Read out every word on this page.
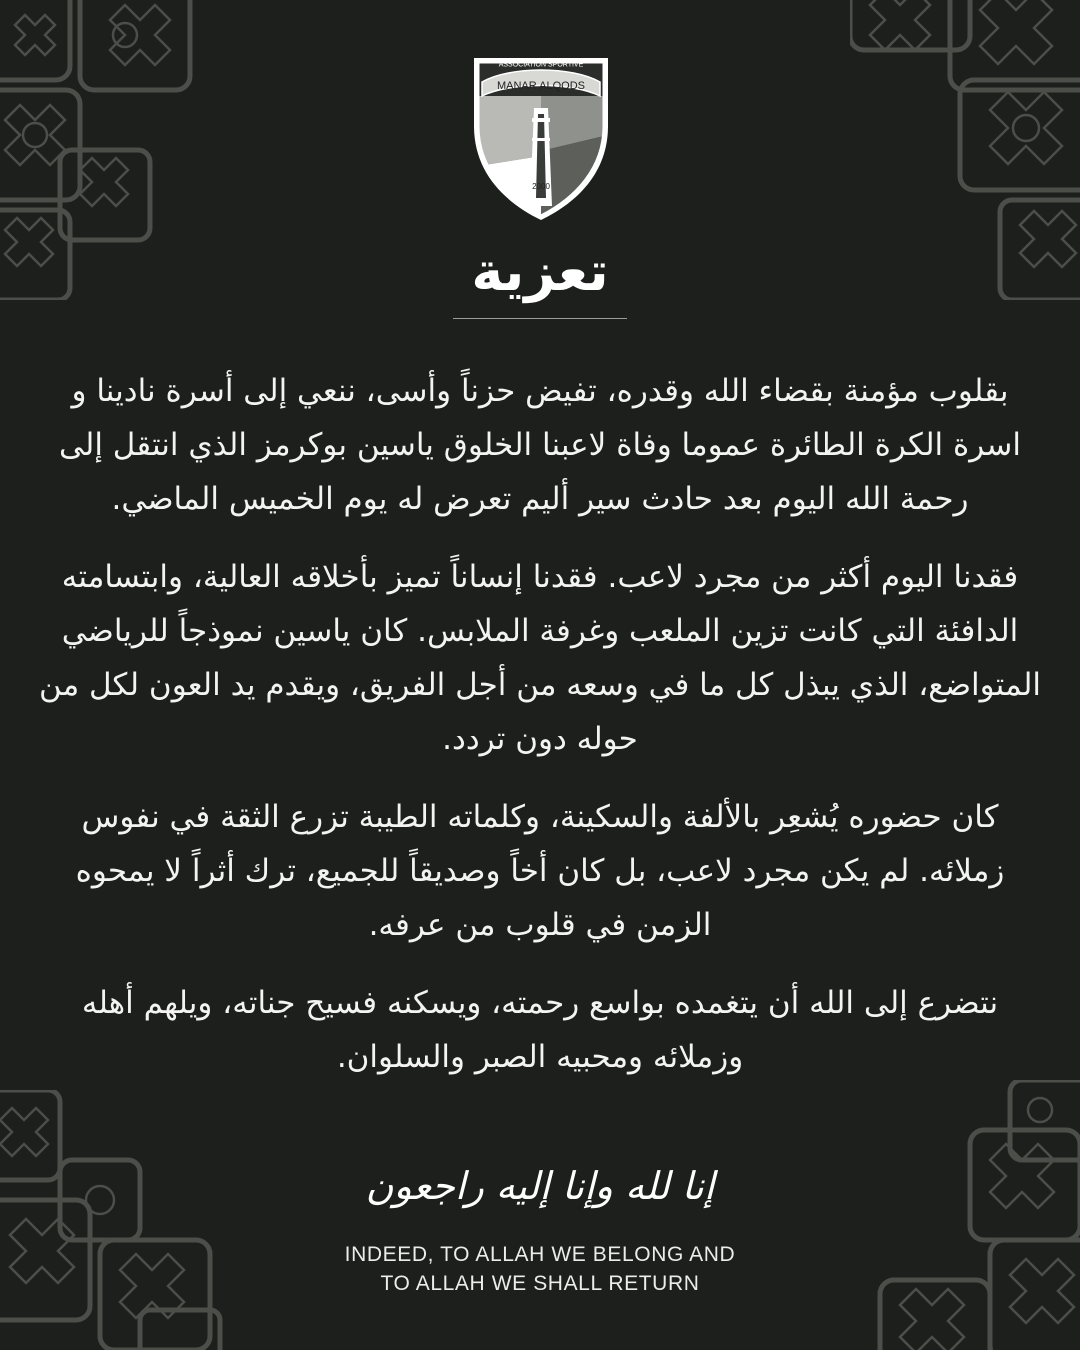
ASSOCIATION SPORTIVE
MANAR ALQODS
2000
تعزية

بقلوب مؤمنة بقضاء الله وقدره، تفيض حزناً وأسى، ننعي إلى أسرة نادينا و اسرة الكرة الطائرة عموما وفاة لاعبنا الخلوق ياسين بوكرمز الذي انتقل إلى رحمة الله اليوم بعد حادث سير أليم تعرض له يوم الخميس الماضي.

فقدنا اليوم أكثر من مجرد لاعب. فقدنا إنساناً تميز بأخلاقه العالية، وابتسامته الدافئة التي كانت تزين الملعب وغرفة الملابس. كان ياسين نموذجاً للرياضي المتواضع، الذي يبذل كل ما في وسعه من أجل الفريق، ويقدم يد العون لكل من حوله دون تردد.

كان حضوره يُشعِر بالألفة والسكينة، وكلماته الطيبة تزرع الثقة في نفوس زملائه. لم يكن مجرد لاعب، بل كان أخاً وصديقاً للجميع، ترك أثراً لا يمحوه الزمن في قلوب من عرفه.

نتضرع إلى الله أن يتغمده بواسع رحمته، ويسكنه فسيح جناته، ويلهم أهله وزملائه ومحبيه الصبر والسلوان.

إنا لله وإنا إليه راجعون
INDEED, TO ALLAH WE BELONG AND
TO ALLAH WE SHALL RETURN
